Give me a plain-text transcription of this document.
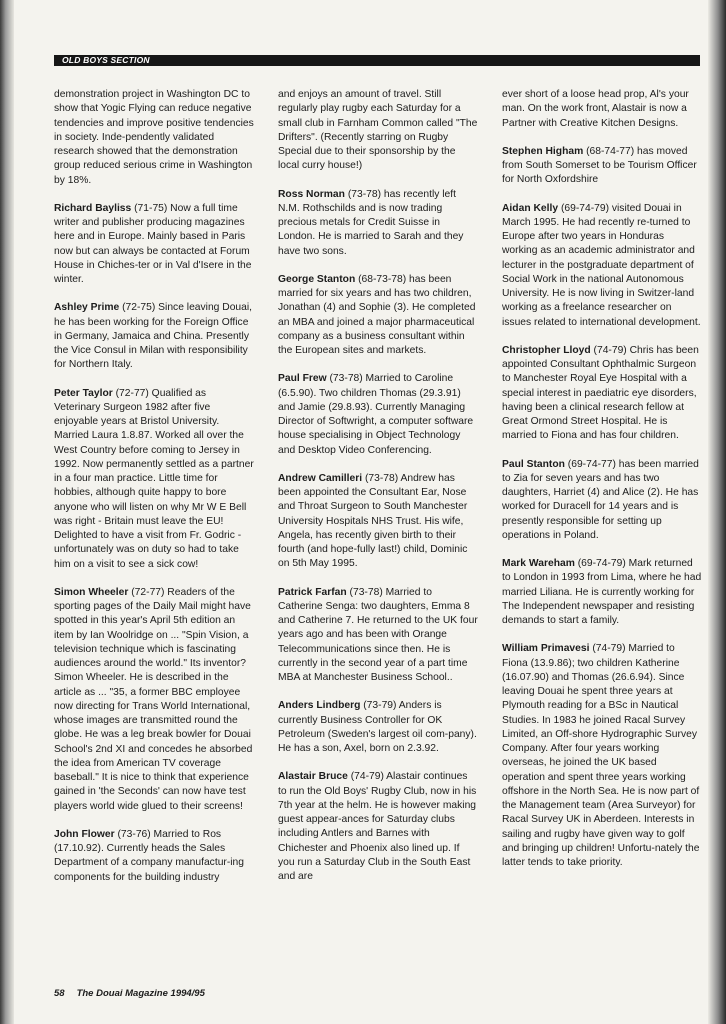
OLD BOYS SECTION

demonstration project in Washington DC to show that Yogic Flying can reduce negative tendencies and improve positive tendencies in society. Inde-pendently validated research showed that the demonstration group reduced serious crime in Washington by 18%.

Richard Bayliss (71-75) Now a full time writer and publisher producing magazines here and in Europe. Mainly based in Paris now but can always be contacted at Forum House in Chiches-ter or in Val d'Isere in the winter.

Ashley Prime (72-75) Since leaving Douai, he has been working for the Foreign Office in Germany, Jamaica and China. Presently the Vice Consul in Milan with responsibility for Northern Italy.

Peter Taylor (72-77) Qualified as Veterinary Surgeon 1982 after five enjoyable years at Bristol University. Married Laura 1.8.87. Worked all over the West Country before coming to Jersey in 1992. Now permanently settled as a partner in a four man practice. Little time for hobbies, although quite happy to bore anyone who will listen on why Mr W E Bell was right - Britain must leave the EU! Delighted to have a visit from Fr. Godric - unfortunately was on duty so had to take him on a visit to see a sick cow!

Simon Wheeler (72-77) Readers of the sporting pages of the Daily Mail might have spotted in this year's April 5th edition an item by Ian Woolridge on ... "Spin Vision, a television technique which is fascinating audiences around the world." Its inventor? Simon Wheeler. He is described in the article as ... "35, a former BBC employee now directing for Trans World International, whose images are transmitted round the globe. He was a leg break bowler for Douai School's 2nd XI and concedes he absorbed the idea from American TV coverage baseball." It is nice to think that experience gained in 'the Seconds' can now have test players world wide glued to their screens!

John Flower (73-76) Married to Ros (17.10.92). Currently heads the Sales Department of a company manufactur-ing components for the building industry

and enjoys an amount of travel. Still regularly play rugby each Saturday for a small club in Farnham Common called "The Drifters". (Recently starring on Rugby Special due to their sponsorship by the local curry house!)

Ross Norman (73-78) has recently left N.M. Rothschilds and is now trading precious metals for Credit Suisse in London. He is married to Sarah and they have two sons.

George Stanton (68-73-78) has been married for six years and has two children, Jonathan (4) and Sophie (3). He completed an MBA and joined a major pharmaceutical company as a business consultant within the European sites and markets.

Paul Frew (73-78) Married to Caroline (6.5.90). Two children Thomas (29.3.91) and Jamie (29.8.93). Currently Managing Director of Softwright, a computer software house specialising in Object Technology and Desktop Video Conferencing.

Andrew Camilleri (73-78) Andrew has been appointed the Consultant Ear, Nose and Throat Surgeon to South Manchester University Hospitals NHS Trust. His wife, Angela, has recently given birth to their fourth (and hope-fully last!) child, Dominic on 5th May 1995.

Patrick Farfan (73-78) Married to Catherine Senga: two daughters, Emma 8 and Catherine 7. He returned to the UK four years ago and has been with Orange Telecommunications since then. He is currently in the second year of a part time MBA at Manchester Business School..

Anders Lindberg (73-79) Anders is currently Business Controller for OK Petroleum (Sweden's largest oil com-pany). He has a son, Axel, born on 2.3.92.

Alastair Bruce (74-79) Alastair continues to run the Old Boys' Rugby Club, now in his 7th year at the helm. He is however making guest appear-ances for Saturday clubs including Antlers and Barnes with Chichester and Phoenix also lined up. If you run a Saturday Club in the South East and are

ever short of a loose head prop, Al's your man. On the work front, Alastair is now a Partner with Creative Kitchen Designs.

Stephen Higham (68-74-77) has moved from South Somerset to be Tourism Officer for North Oxfordshire

Aidan Kelly (69-74-79) visited Douai in March 1995. He had recently re-turned to Europe after two years in Honduras working as an academic administrator and lecturer in the postgraduate department of Social Work in the national Autonomous University. He is now living in Switzer-land working as a freelance researcher on issues related to international development.

Christopher Lloyd (74-79) Chris has been appointed Consultant Ophthalmic Surgeon to Manchester Royal Eye Hospital with a special interest in paediatric eye disorders, having been a clinical research fellow at Great Ormond Street Hospital. He is married to Fiona and has four children.

Paul Stanton (69-74-77) has been married to Zia for seven years and has two daughters, Harriet (4) and Alice (2). He has worked for Duracell for 14 years and is presently responsible for setting up operations in Poland.

Mark Wareham (69-74-79) Mark returned to London in 1993 from Lima, where he had married Liliana. He is currently working for The Independent newspaper and resisting demands to start a family.

William Primavesi (74-79) Married to Fiona (13.9.86); two children Katherine (16.07.90) and Thomas (26.6.94). Since leaving Douai he spent three years at Plymouth reading for a BSc in Nautical Studies. In 1983 he joined Racal Survey Limited, an Off-shore Hydrographic Survey Company. After four years working overseas, he joined the UK based operation and spent three years working offshore in the North Sea. He is now part of the Management team (Area Surveyor) for Racal Survey UK in Aberdeen. Interests in sailing and rugby have given way to golf and bringing up children! Unfortu-nately the latter tends to take priority.

58 The Douai Magazine 1994/95
